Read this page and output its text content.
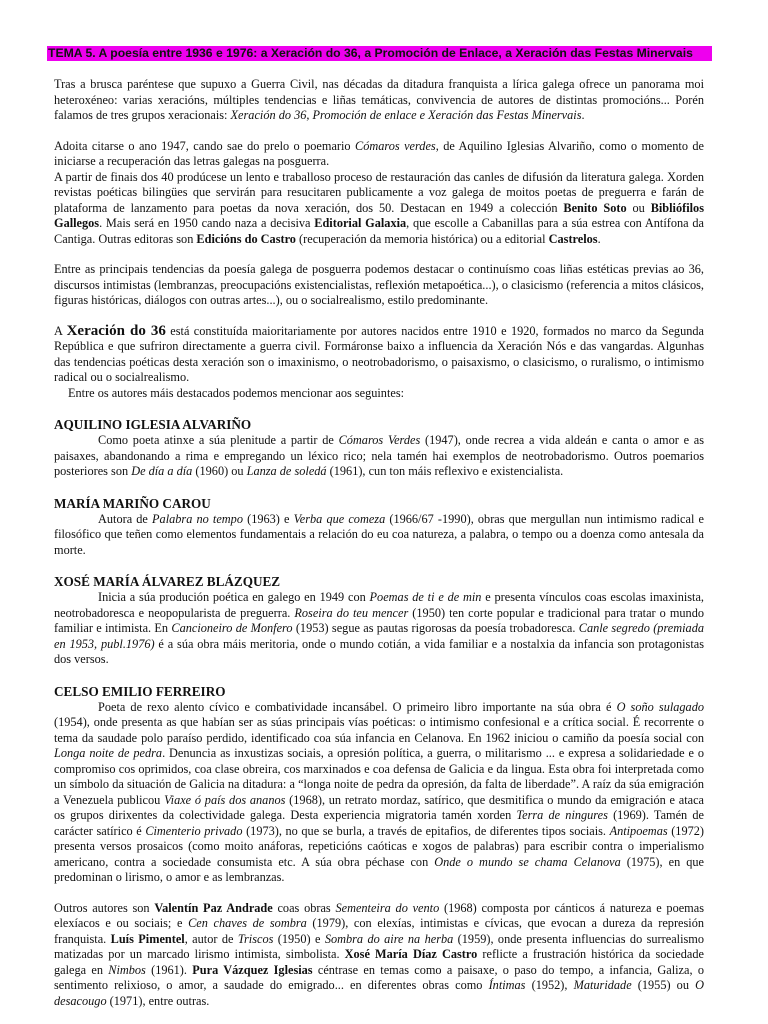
TEMA 5. A poesía entre 1936 e 1976: a Xeración do 36, a Promoción de Enlace, a Xeración das Festas Minervais

Tras a brusca paréntese que supuxo a Guerra Civil, nas décadas da ditadura franquista a lírica galega ofrece un panorama moi heteroxéneo: varias xeracións, múltiples tendencias e liñas temáticas, convivencia de autores de distintas promocións... Porén falamos de tres grupos xeracionais: Xeración do 36, Promoción de enlace e Xeración das Festas Minervais.

Adoita citarse o ano 1947, cando sae do prelo o poemario Cómaros verdes, de Aquilino Iglesias Alvariño, como o momento de iniciarse a recuperación das letras galegas na posguerra.

A partir de finais dos 40 prodúcese un lento e traballoso proceso de restauración das canles de difusión da literatura galega. Xorden revistas poéticas bilingües que servirán para resucitaren publicamente a voz galega de moitos poetas de preguerra e farán de plataforma de lanzamento para poetas da nova xeración, dos 50. Destacan en 1949 a colección Benito Soto ou Bibliófilos Gallegos. Mais será en 1950 cando naza a decisiva Editorial Galaxia, que escolle a Cabanillas para a súa estrea con Antífona da Cantiga. Outras editoras son Edicións do Castro (recuperación da memoria histórica) ou a editorial Castrelos.

Entre as principais tendencias da poesía galega de posguerra podemos destacar o continuísmo coas liñas estéticas previas ao 36, discursos intimistas (lembranzas, preocupacións existencialistas, reflexión metapoética...), o clasicismo (referencia a mitos clásicos, figuras históricas, diálogos con outras artes...), ou o socialrealismo, estilo predominante.

A Xeración do 36 está constituída maioritariamente por autores nacidos entre 1910 e 1920, formados no marco da Segunda República e que sufriron directamente a guerra civil. Formáronse baixo a influencia da Xeración Nós e das vangardas. Algunhas das tendencias poéticas desta xeración son o imaxinismo, o neotrobadorismo, o paisaxismo, o clasicismo, o ruralismo, o intimismo radical ou o socialrealismo.

Entre os autores máis destacados podemos mencionar aos seguintes:

AQUILINO IGLESIA ALVARIÑO

Como poeta atinxe a súa plenitude a partir de Cómaros Verdes (1947), onde recrea a vida aldeán e canta o amor e as paisaxes, abandonando a rima e empregando un léxico rico; nela tamén hai exemplos de neotrobadorismo. Outros poemarios posteriores son De día a día (1960) ou Lanza de soledá (1961), cun ton máis reflexivo e existencialista.

MARÍA MARIÑO CAROU

Autora de Palabra no tempo (1963) e Verba que comeza (1966/67 -1990), obras que mergullan nun intimismo radical e filosófico que teñen como elementos fundamentais a relación do eu coa natureza, a palabra, o tempo ou a doenza como antesala da morte.

XOSÉ MARÍA ÁLVAREZ BLÁZQUEZ

Inicia a súa produción poética en galego en 1949 con Poemas de ti e de min e presenta vínculos coas escolas imaxinista, neotrobadoresca e neopopularista de preguerra. Roseira do teu mencer (1950) ten corte popular e tradicional para tratar o mundo familiar e intimista. En Cancioneiro de Monfero (1953) segue as pautas rigorosas da poesía trobadoresca. Canle segredo (premiada en 1953, publ.1976) é a súa obra máis meritoria, onde o mundo cotián, a vida familiar e a nostalxia da infancia son protagonistas dos versos.

CELSO EMILIO FERREIRO

Poeta de rexo alento cívico e combatividade incansábel. O primeiro libro importante na súa obra é O soño sulagado (1954), onde presenta as que habían ser as súas principais vías poéticas: o intimismo confesional e a crítica social. É recorrente o tema da saudade polo paraíso perdido, identificado coa súa infancia en Celanova. En 1962 iniciou o camiño da poesía social con Longa noite de pedra. Denuncia as inxustizas sociais, a opresión política, a guerra, o militarismo ... e expresa a solidariedade e o compromiso cos oprimidos, coa clase obreira, cos marxinados e coa defensa de Galicia e da lingua. Esta obra foi interpretada como un símbolo da situación de Galicia na ditadura: a “longa noite de pedra da opresión, da falta de liberdade”. A raíz da súa emigración a Venezuela publicou Viaxe ó país dos ananos (1968), un retrato mordaz, satírico, que desmitifica o mundo da emigración e ataca os grupos dirixentes da colectividade galega. Desta experiencia migratoria tamén xorden Terra de ningures (1969). Tamén de carácter satírico é Cimenterio privado (1973), no que se burla, a través de epitafios, de diferentes tipos sociais. Antipoemas (1972) presenta versos prosaicos (como moito anáforas, repeticións caóticas e xogos de palabras) para escribir contra o imperialismo americano, contra a sociedade consumista etc. A súa obra péchase con Onde o mundo se chama Celanova (1975), en que predominan o lirismo, o amor e as lembranzas.

Outros autores son Valentín Paz Andrade coas obras Sementeira do vento (1968) composta por cánticos á natureza e poemas elexíacos e ou sociais; e Cen chaves de sombra (1979), con elexías, intimistas e cívicas, que evocan a dureza da represión franquista. Luís Pimentel, autor de Triscos (1950) e Sombra do aire na herba (1959), onde presenta influencias do surrealismo matizadas por un marcado lirismo intimista, simbolista. Xosé María Díaz Castro reflicte a frustración histórica da sociedade galega en Nimbos (1961). Pura Vázquez Iglesias céntrase en temas como a paisaxe, o paso do tempo, a infancia, Galiza, o sentimento relixioso, o amor, a saudade do emigrado... en diferentes obras como Íntimas (1952), Maturidade (1955) ou O desacougo (1971), entre outras.
